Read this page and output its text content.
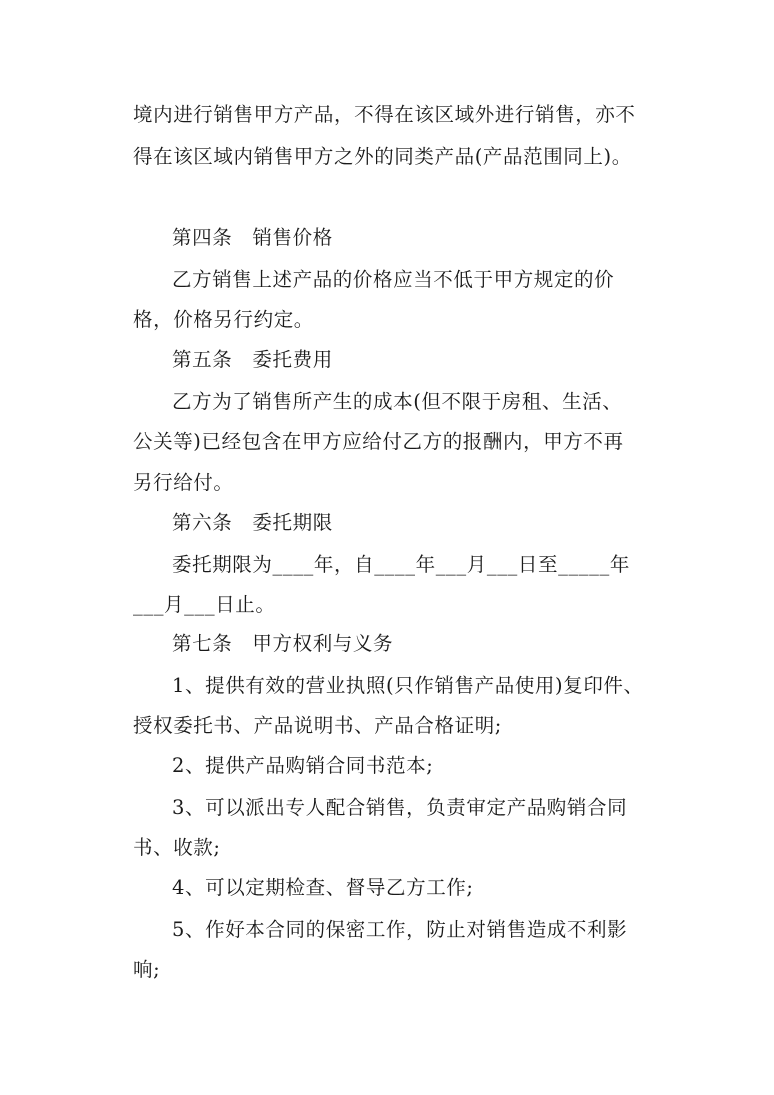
境内进行销售甲方产品，不得在该区域外进行销售，亦不
得在该区域内销售甲方之外的同类产品(产品范围同上)。
第四条　销售价格
乙方销售上述产品的价格应当不低于甲方规定的价
格，价格另行约定。
第五条　委托费用
乙方为了销售所产生的成本(但不限于房租、生活、
公关等)已经包含在甲方应给付乙方的报酬内，甲方不再
另行给付。
第六条　委托期限
委托期限为____年，自____年___月___日至_____年
___月___日止。
第七条　甲方权利与义务
1、提供有效的营业执照(只作销售产品使用)复印件、
授权委托书、产品说明书、产品合格证明;
2、提供产品购销合同书范本;
3、可以派出专人配合销售，负责审定产品购销合同
书、收款;
4、可以定期检查、督导乙方工作;
5、作好本合同的保密工作，防止对销售造成不利影
响;
